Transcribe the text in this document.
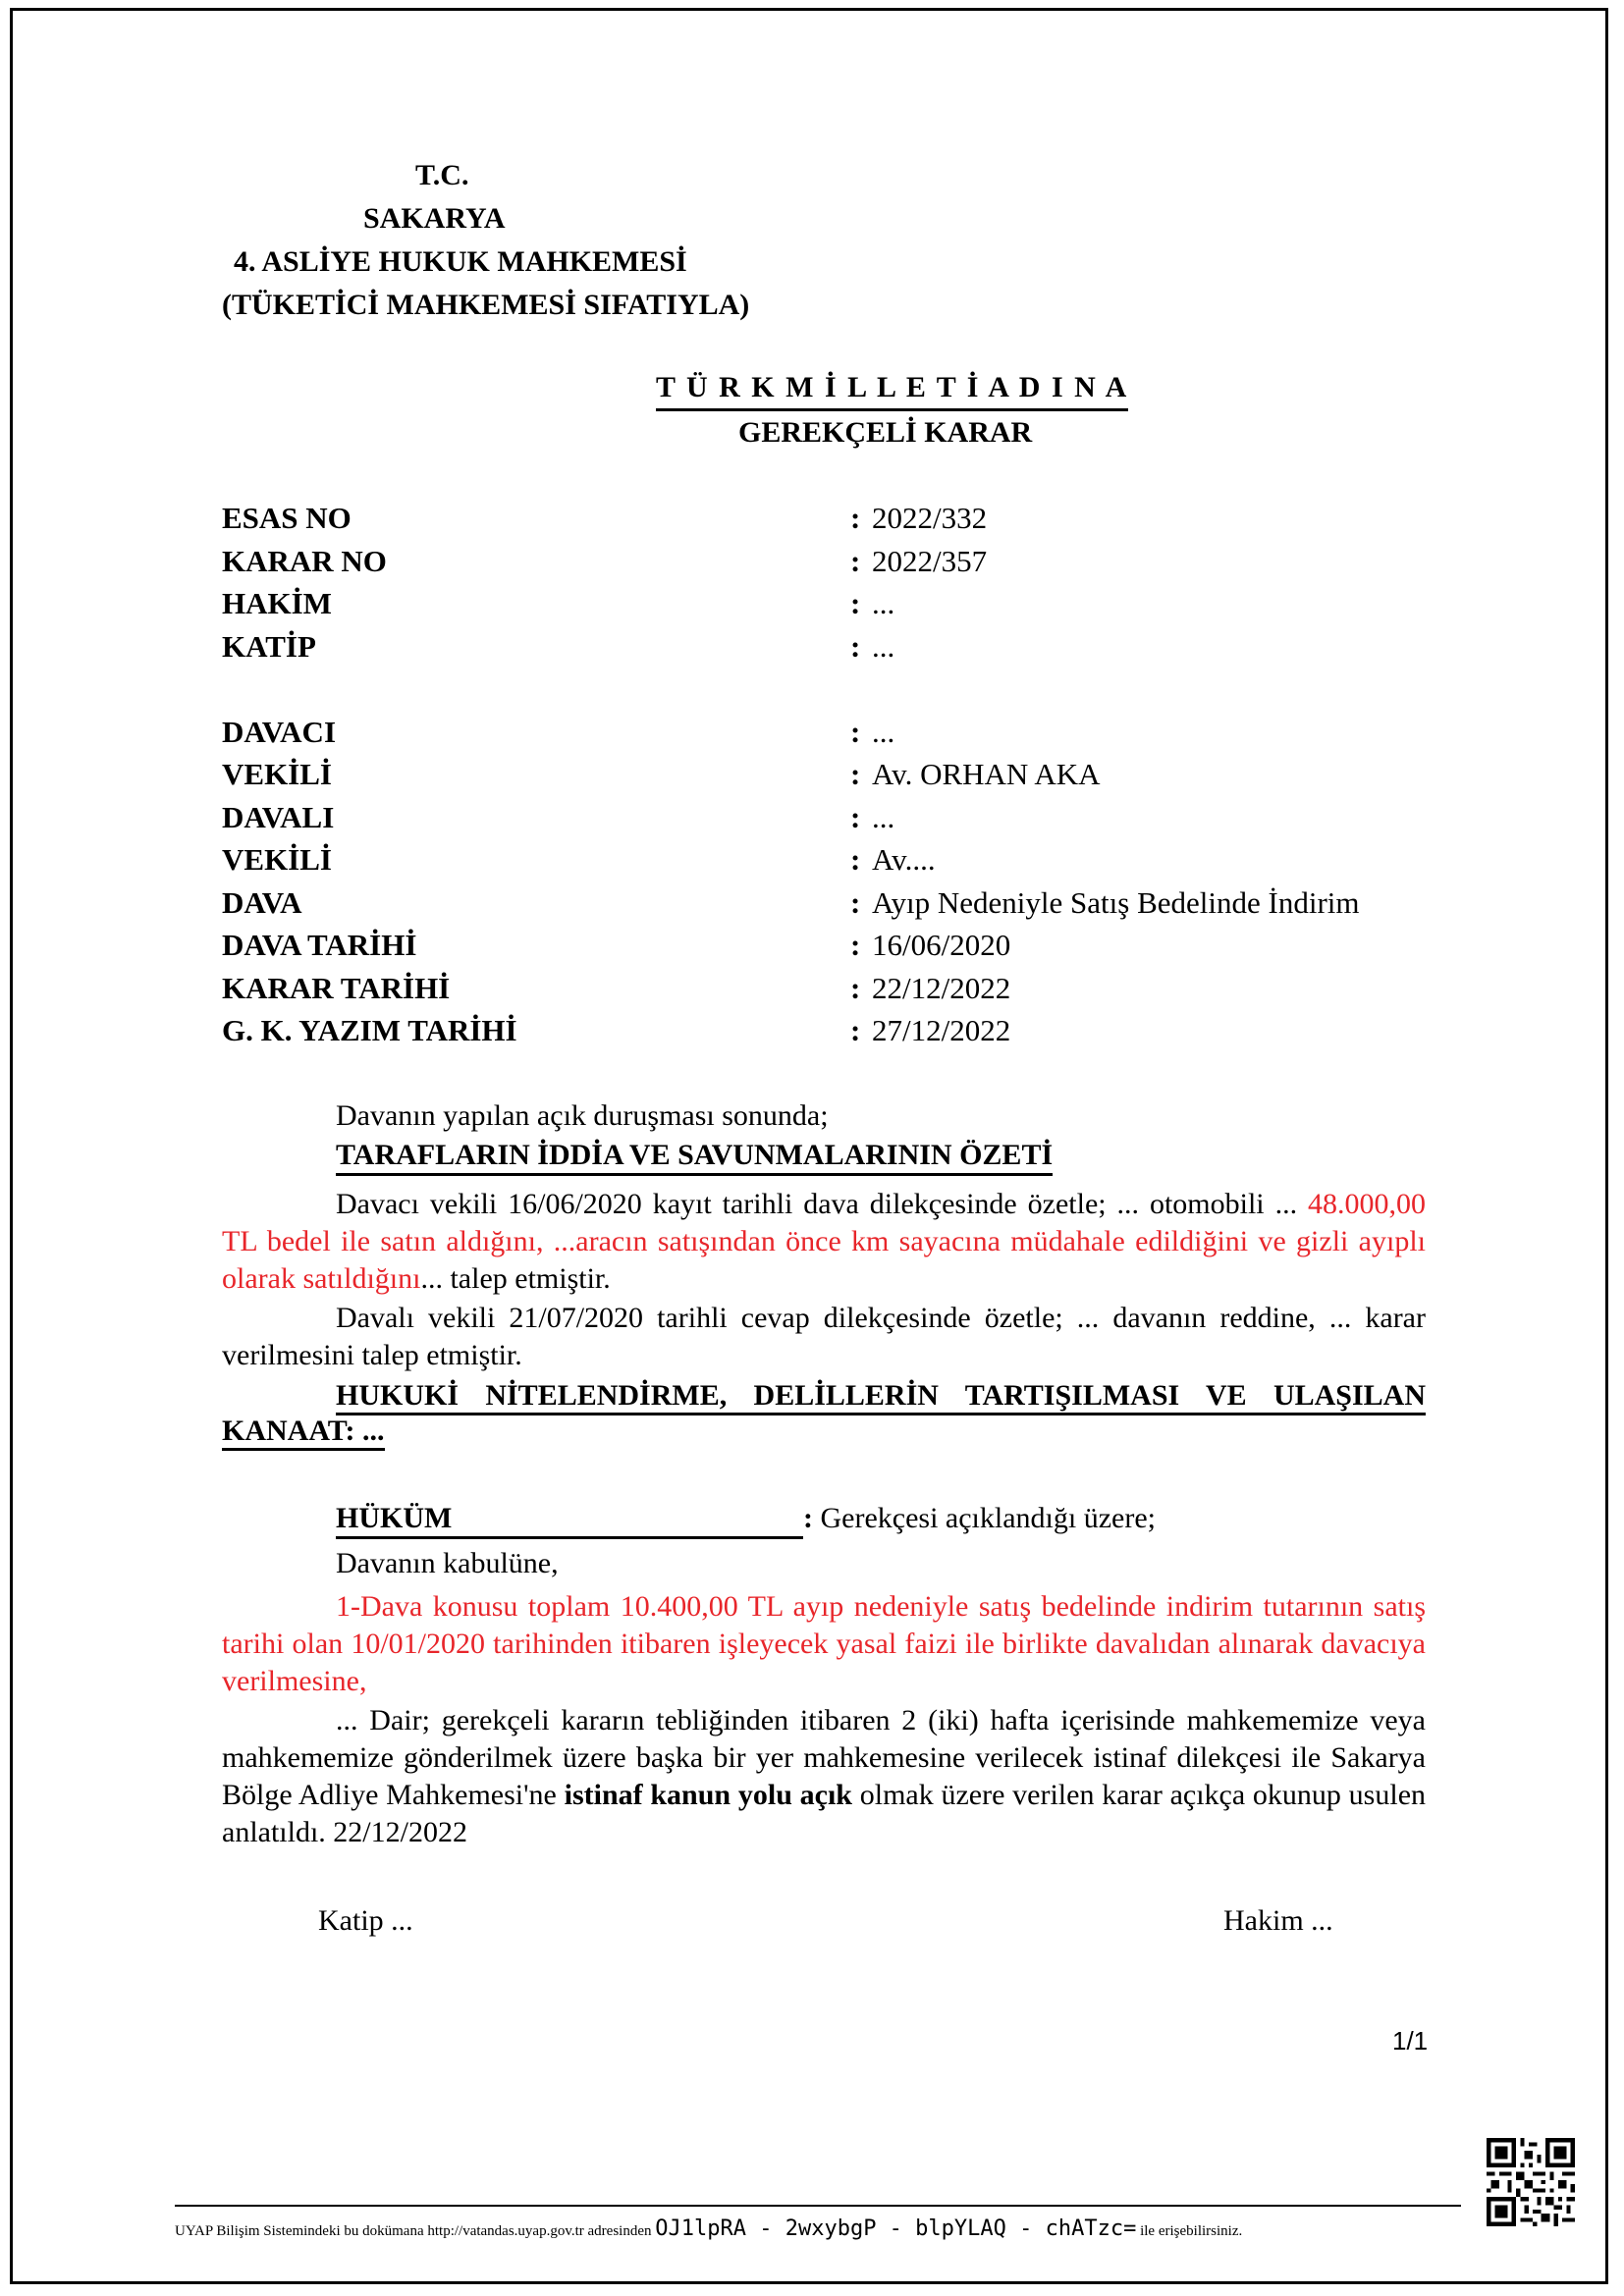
T.C.
SAKARYA
4. ASLİYE HUKUK MAHKEMESİ
(TÜKETİCİ MAHKEMESİ SIFATIYLA)
T Ü R K M İ L L E T İ A D I N A
GEREKÇELİ KARAR
ESAS NO	: 2022/332
KARAR NO	: 2022/357
HAKİM	: ...
KATİP	: ...
DAVACI	: ...
VEKİLİ	: Av. ORHAN AKA
DAVALI	: ...
VEKİLİ	: Av....
DAVA	: Ayıp Nedeniyle Satış Bedelinde İndirim
DAVA TARİHİ	: 16/06/2020
KARAR TARİHİ	: 22/12/2022
G. K. YAZIM TARİHİ	: 27/12/2022
Davanın yapılan açık duruşması sonunda;
TARAFLARIN İDDİA VE SAVUNMALARININ ÖZETİ

Davacı vekili 16/06/2020 kayıt tarihli dava dilekçesinde özetle; ... otomobili ... 48.000,00 TL bedel ile satın aldığını, ...aracın satışından önce km sayacına müdahale edildiğini ve gizli ayıplı olarak satıldığını... talep etmiştir.

Davalı vekili 21/07/2020 tarihli cevap dilekçesinde özetle; ... davanın reddine, ... karar verilmesini talep etmiştir.

HUKUKİ NİTELENDİRME, DELİLLERİN TARTIŞILMASI VE ULAŞILAN KANAAT: ...

HÜKÜM	: Gerekçesi açıklandığı üzere;
Davanın kabulüne,

1-Dava konusu toplam 10.400,00 TL ayıp nedeniyle satış bedelinde indirim tutarının satış tarihi olan 10/01/2020 tarihinden itibaren işleyecek yasal faizi ile birlikte davalıdan alınarak davacıya verilmesine,

... Dair; gerekçeli kararın tebliğinden itibaren 2 (iki) hafta içerisinde mahkememize veya mahkememize gönderilmek üzere başka bir yer mahkemesine verilecek istinaf dilekçesi ile Sakarya Bölge Adliye Mahkemesi'ne istinaf kanun yolu açık olmak üzere verilen karar açıkça okunup usulen anlatıldı. 22/12/2022

Katip ...	Hakim ...
1/1
UYAP Bilişim Sistemindeki bu dokümana http://vatandas.uyap.gov.tr adresinden OJ1lpRA - 2wxybgP - blpYLAQ - chATzc= ile erişebilirsiniz.
